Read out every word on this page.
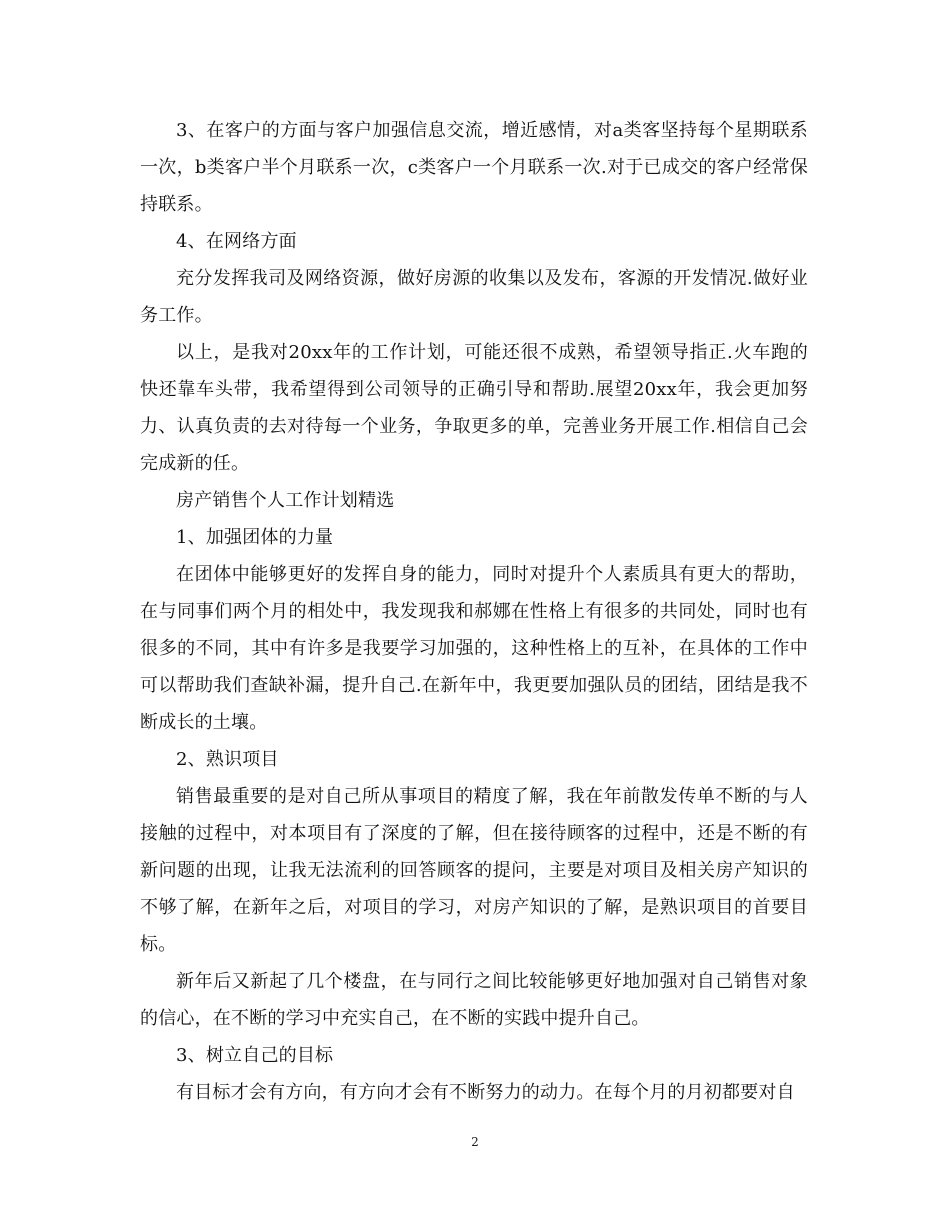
3、在客户的方面与客户加强信息交流，增近感情，对a类客坚持每个星期联系一次，b类客户半个月联系一次，c类客户一个月联系一次.对于已成交的客户经常保持联系。

4、在网络方面

充分发挥我司及网络资源，做好房源的收集以及发布，客源的开发情况.做好业务工作。

以上，是我对20xx年的工作计划，可能还很不成熟，希望领导指正.火车跑的快还靠车头带，我希望得到公司领导的正确引导和帮助.展望20xx年，我会更加努力、认真负责的去对待每一个业务，争取更多的单，完善业务开展工作.相信自己会完成新的任。

房产销售个人工作计划精选

1、加强团体的力量

在团体中能够更好的发挥自身的能力，同时对提升个人素质具有更大的帮助，在与同事们两个月的相处中，我发现我和郝娜在性格上有很多的共同处，同时也有很多的不同，其中有许多是我要学习加强的，这种性格上的互补，在具体的工作中可以帮助我们查缺补漏，提升自己.在新年中，我更要加强队员的团结，团结是我不断成长的土壤。

2、熟识项目

销售最重要的是对自己所从事项目的精度了解，我在年前散发传单不断的与人接触的过程中，对本项目有了深度的了解，但在接待顾客的过程中，还是不断的有新问题的出现，让我无法流利的回答顾客的提问，主要是对项目及相关房产知识的不够了解，在新年之后，对项目的学习，对房产知识的了解，是熟识项目的首要目标。

新年后又新起了几个楼盘，在与同行之间比较能够更好地加强对自己销售对象的信心，在不断的学习中充实自己，在不断的实践中提升自己。

3、树立自己的目标

有目标才会有方向，有方向才会有不断努力的动力。在每个月的月初都要对自

2
